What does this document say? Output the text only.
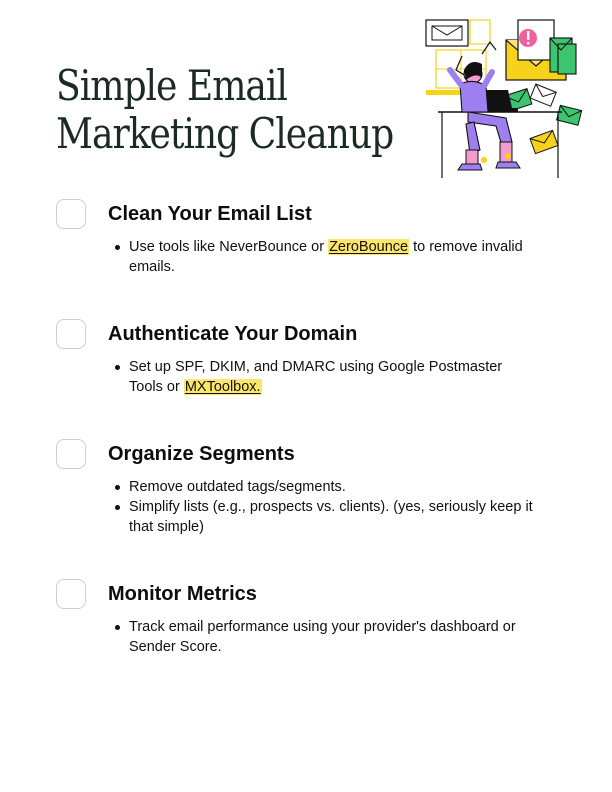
Simple Email
Marketing Cleanup
Clean Your Email List
Use tools like NeverBounce or ZeroBounce to remove invalid emails.
Authenticate Your Domain
Set up SPF, DKIM, and DMARC using Google Postmaster Tools or MXToolbox.
Organize Segments
Remove outdated tags/segments.
Simplify lists (e.g., prospects vs. clients). (yes, seriously keep it that simple)
Monitor Metrics
Track email performance using your provider's dashboard or Sender Score.
